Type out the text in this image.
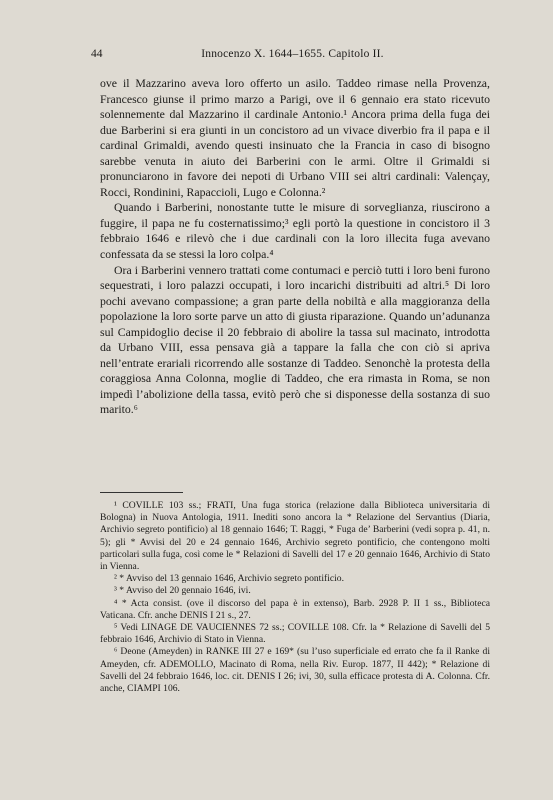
44	Innocenzo X. 1644–1655. Capitolo II.

ove il Mazzarino aveva loro offerto un asilo. Taddeo rimase nella Provenza, Francesco giunse il primo marzo a Parigi, ove il 6 gennaio era stato ricevuto solennemente dal Mazzarino il cardinale Antonio.¹ Ancora prima della fuga dei due Barberini si era giunti in un concistoro ad un vivace diverbio fra il papa e il cardinal Grimaldi, avendo questi insinuato che la Francia in caso di bisogno sarebbe venuta in aiuto dei Barberini con le armi. Oltre il Grimaldi si pronunciarono in favore dei nepoti di Urbano VIII sei altri cardinali: Valençay, Rocci, Rondinini, Rapaccioli, Lugo e Colonna.²

Quando i Barberini, nonostante tutte le misure di sorveglianza, riuscirono a fuggire, il papa ne fu costernatissimo;³ egli portò la questione in concistoro il 3 febbraio 1646 e rilevò che i due cardinali con la loro illecita fuga avevano confessata da se stessi la loro colpa.⁴

Ora i Barberini vennero trattati come contumaci e perciò tutti i loro beni furono sequestrati, i loro palazzi occupati, i loro incarichi distribuiti ad altri.⁵ Di loro pochi avevano compassione; a gran parte della nobiltà e alla maggioranza della popolazione la loro sorte parve un atto di giusta riparazione. Quando un’adunanza sul Campidoglio decise il 20 febbraio di abolire la tassa sul macinato, introdotta da Urbano VIII, essa pensava già a tappare la falla che con ciò si apriva nell’entrate erariali ricorrendo alle sostanze di Taddeo. Senonchè la protesta della coraggiosa Anna Colonna, moglie di Taddeo, che era rimasta in Roma, se non impedì l’abolizione della tassa, evitò però che si disponesse della sostanza di suo marito.⁶

¹ COVILLE 103 ss.; FRATI, Una fuga storica (relazione dalla Biblioteca universitaria di Bologna) in Nuova Antologia, 1911. Inediti sono ancora la * Relazione del Servantius (Diaria, Archivio segreto pontificio) al 18 gennaio 1646; T. Raggi, * Fuga de’ Barberini (vedi sopra p. 41, n. 5); gli * Avvisi del 20 e 24 gennaio 1646, Archivio segreto pontificio, che contengono molti particolari sulla fuga, così come le * Relazioni di Savelli del 17 e 20 gennaio 1646, Archivio di Stato in Vienna.

² * Avviso del 13 gennaio 1646, Archivio segreto pontificio.

³ * Avviso del 20 gennaio 1646, ivi.

⁴ * Acta consist. (ove il discorso del papa è in extenso), Barb. 2928 P. II 1 ss., Biblioteca Vaticana. Cfr. anche DENIS I 21 s., 27.

⁵ Vedi LINAGE DE VAUCIENNES 72 ss.; COVILLE 108. Cfr. la * Relazione di Savelli del 5 febbraio 1646, Archivio di Stato in Vienna.

⁶ Deone (Ameyden) in RANKE III 27 e 169* (su l’uso superficiale ed errato che fa il Ranke di Ameyden, cfr. ADEMOLLO, Macinato di Roma, nella Riv. Europ. 1877, II 442); * Relazione di Savelli del 24 febbraio 1646, loc. cit. DENIS I 26; ivi, 30, sulla efficace protesta di A. Colonna. Cfr. anche, CIAMPI 106.
